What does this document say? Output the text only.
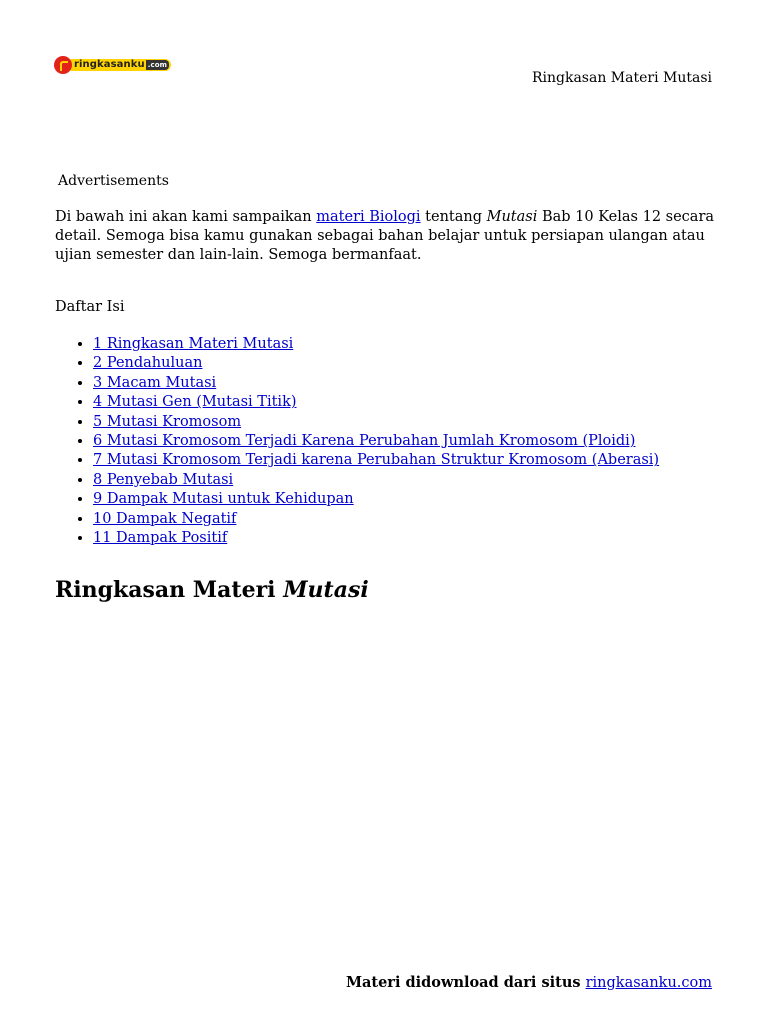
ringkasanku .com
Ringkasan Materi Mutasi
Advertisements

Di bawah ini akan kami sampaikan materi Biologi tentang Mutasi Bab 10 Kelas 12 secara detail. Semoga bisa kamu gunakan sebagai bahan belajar untuk persiapan ulangan atau ujian semester dan lain-lain. Semoga bermanfaat.

Daftar Isi
• 1 Ringkasan Materi Mutasi
• 2 Pendahuluan
• 3 Macam Mutasi
• 4 Mutasi Gen (Mutasi Titik)
• 5 Mutasi Kromosom
• 6 Mutasi Kromosom Terjadi Karena Perubahan Jumlah Kromosom (Ploidi)
• 7 Mutasi Kromosom Terjadi karena Perubahan Struktur Kromosom (Aberasi)
• 8 Penyebab Mutasi
• 9 Dampak Mutasi untuk Kehidupan
• 10 Dampak Negatif
• 11 Dampak Positif
Ringkasan Materi Mutasi
Materi didownload dari situs ringkasanku.com
